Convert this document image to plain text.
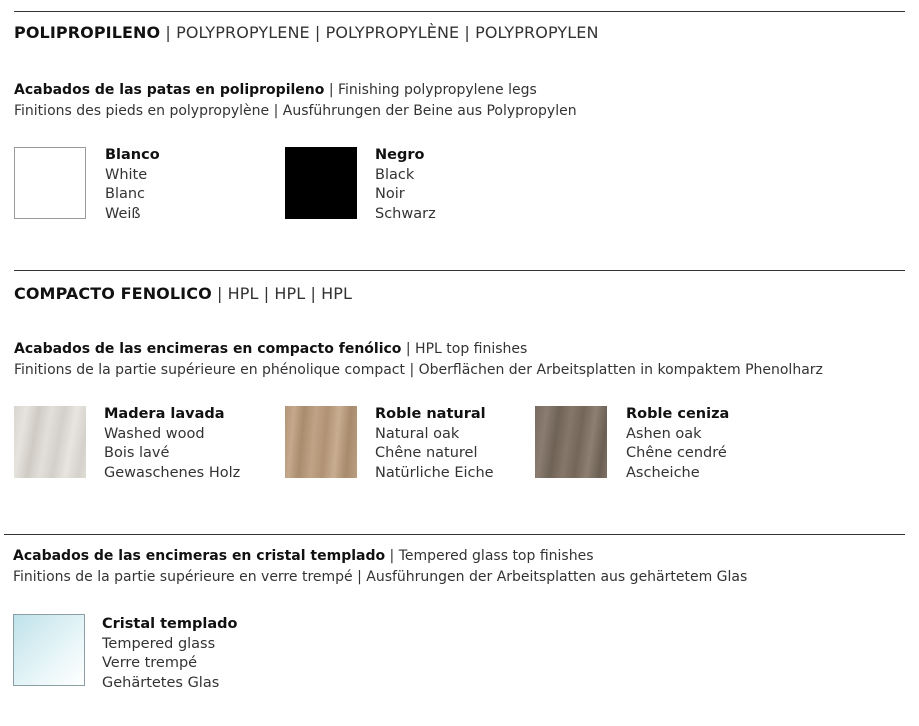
POLIPROPILENO | POLYPROPYLENE | POLYPROPYLÈNE | POLYPROPYLEN
Acabados de las patas en polipropileno | Finishing polypropylene legs
Finitions des pieds en polypropylène | Ausführungen der Beine aus Polypropylen
Blanco
White
Blanc
Weiß
Negro
Black
Noir
Schwarz
COMPACTO FENOLICO | HPL | HPL | HPL
Acabados de las encimeras en compacto fenólico | HPL top finishes
Finitions de la partie supérieure en phénolique compact | Oberflächen der Arbeitsplatten in kompaktem Phenolharz
Madera lavada
Washed wood
Bois lavé
Gewaschenes Holz
Roble natural
Natural oak
Chêne naturel
Natürliche Eiche
Roble ceniza
Ashen oak
Chêne cendré
Ascheiche
Acabados de las encimeras en cristal templado | Tempered glass top finishes
Finitions de la partie supérieure en verre trempé | Ausführungen der Arbeitsplatten aus gehärtetem Glas
Cristal templado
Tempered glass
Verre trempé
Gehärtetes Glas
